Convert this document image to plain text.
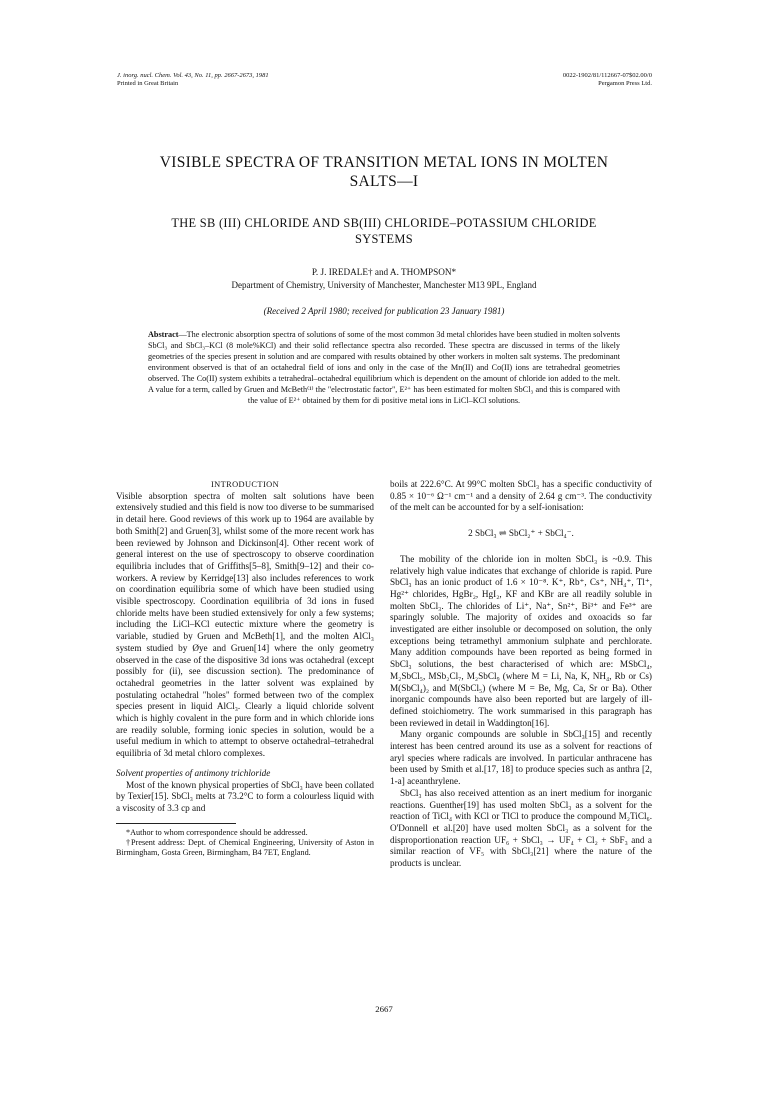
J. inorg. nucl. Chem. Vol. 43, No. 11, pp. 2667-2673, 1981
Printed in Great Britain
0022-1902/81/112667-07$02.00/0
Pergamon Press Ltd.
VISIBLE SPECTRA OF TRANSITION METAL IONS IN MOLTEN
SALTS—I
THE SB (III) CHLORIDE AND SB(III) CHLORIDE–POTASSIUM CHLORIDE
SYSTEMS
P. J. IREDALE† and A. THOMPSON*
Department of Chemistry, University of Manchester, Manchester M13 9PL, England
(Received 2 April 1980; received for publication 23 January 1981)
Abstract—The electronic absorption spectra of solutions of some of the most common 3d metal chlorides have been studied in molten solvents SbCl₃ and SbCl₃–KCl (8 mole%KCl) and their solid reflectance spectra also recorded. These spectra are discussed in terms of the likely geometries of the species present in solution and are compared with results obtained by other workers in molten salt systems. The predominant environment observed is that of an octahedral field of ions and only in the case of the Mn(II) and Co(II) ions are tetrahedral geometries observed. The Co(II) system exhibits a tetrahedral–octahedral equilibrium which is dependent on the amount of chloride ion added to the melt. A value for a term, called by Gruen and McBeth⁽¹⁾ the "electrostatic factor", E²⁺ has been estimated for molten SbCl₃ and this is compared with the value of E²⁺ obtained by them for di positive metal ions in LiCl–KCl solutions.

INTRODUCTION

Visible absorption spectra of molten salt solutions have been extensively studied and this field is now too diverse to be summarised in detail here. Good reviews of this work up to 1964 are available by both Smith[2] and Gruen[3], whilst some of the more recent work has been reviewed by Johnson and Dickinson[4]. Other recent work of general interest on the use of spectroscopy to observe coordination equilibria includes that of Griffiths[5–8], Smith[9–12] and their co-workers. A review by Kerridge[13] also includes references to work on coordination equilibria some of which have been studied using visible spectroscopy. Coordination equilibria of 3d ions in fused chloride melts have been studied extensively for only a few systems; including the LiCl–KCl eutectic mixture where the geometry is variable, studied by Gruen and McBeth[1], and the molten AlCl₃ system studied by Øye and Gruen[14] where the only geometry observed in the case of the dispositive 3d ions was octahedral (except possibly for (ii), see discussion section). The predominance of octahedral geometries in the latter solvent was explained by postulating octahedral "holes" formed between two of the complex species present in liquid AlCl₃. Clearly a liquid chloride solvent which is highly covalent in the pure form and in which chloride ions are readily soluble, forming ionic species in solution, would be a useful medium in which to attempt to observe octahedral–tetrahedral equilibria of 3d metal chloro complexes.

Solvent properties of antimony trichloride

Most of the known physical properties of SbCl₃ have been collated by Texier[15]. SbCl₃ melts at 73.2°C to form a colourless liquid with a viscosity of 3.3 cp and

*Author to whom correspondence should be addressed.

†Present address: Dept. of Chemical Engineering, University of Aston in Birmingham, Gosta Green, Birmingham, B4 7ET, England.

boils at 222.6°C. At 99°C molten SbCl₃ has a specific conductivity of 0.85 × 10⁻⁶ Ω⁻¹ cm⁻¹ and a density of 2.64 g cm⁻³. The conductivity of the melt can be accounted for by a self-ionisation:

2 SbCl₃ ⇌ SbCl₂⁺ + SbCl₄⁻.

The mobility of the chloride ion in molten SbCl₃ is ~0.9. This relatively high value indicates that exchange of chloride is rapid. Pure SbCl₃ has an ionic product of 1.6 × 10⁻⁸. K⁺, Rb⁺, Cs⁺, NH₄⁺, Tl⁺, Hg²⁺ chlorides, HgBr₂, HgI₂, KF and KBr are all readily soluble in molten SbCl₃. The chlorides of Li⁺, Na⁺, Sn²⁺, Bi³⁺ and Fe³⁺ are sparingly soluble. The majority of oxides and oxoacids so far investigated are either insoluble or decomposed on solution, the only exceptions being tetramethyl ammonium sulphate and perchlorate. Many addition compounds have been reported as being formed in SbCl₃ solutions, the best characterised of which are: MSbCl₄, M₂SbCl₅, MSb₂Cl₇, M₂SbCl₉ (where M = Li, Na, K, NH₄, Rb or Cs) M(SbCl₄)₂ and M(SbCl₅) (where M = Be, Mg, Ca, Sr or Ba). Other inorganic compounds have also been reported but are largely of ill-defined stoichiometry. The work summarised in this paragraph has been reviewed in detail in Waddington[16].

Many organic compounds are soluble in SbCl₃[15] and recently interest has been centred around its use as a solvent for reactions of aryl species where radicals are involved. In particular anthracene has been used by Smith et al.[17, 18] to produce species such as anthra [2, 1-a] aceanthrylene.

SbCl₃ has also received attention as an inert medium for inorganic reactions. Guenther[19] has used molten SbCl₃ as a solvent for the reaction of TiCl₄ with KCl or TlCl to produce the compound M₂TiCl₆. O'Donnell et al.[20] have used molten SbCl₃ as a solvent for the disproportionation reaction UF₆ + SbCl₃ → UF₄ + Cl₂ + SbF₃ and a similar reaction of VF₅ with SbCl₃[21] where the nature of the products is unclear.

2667
